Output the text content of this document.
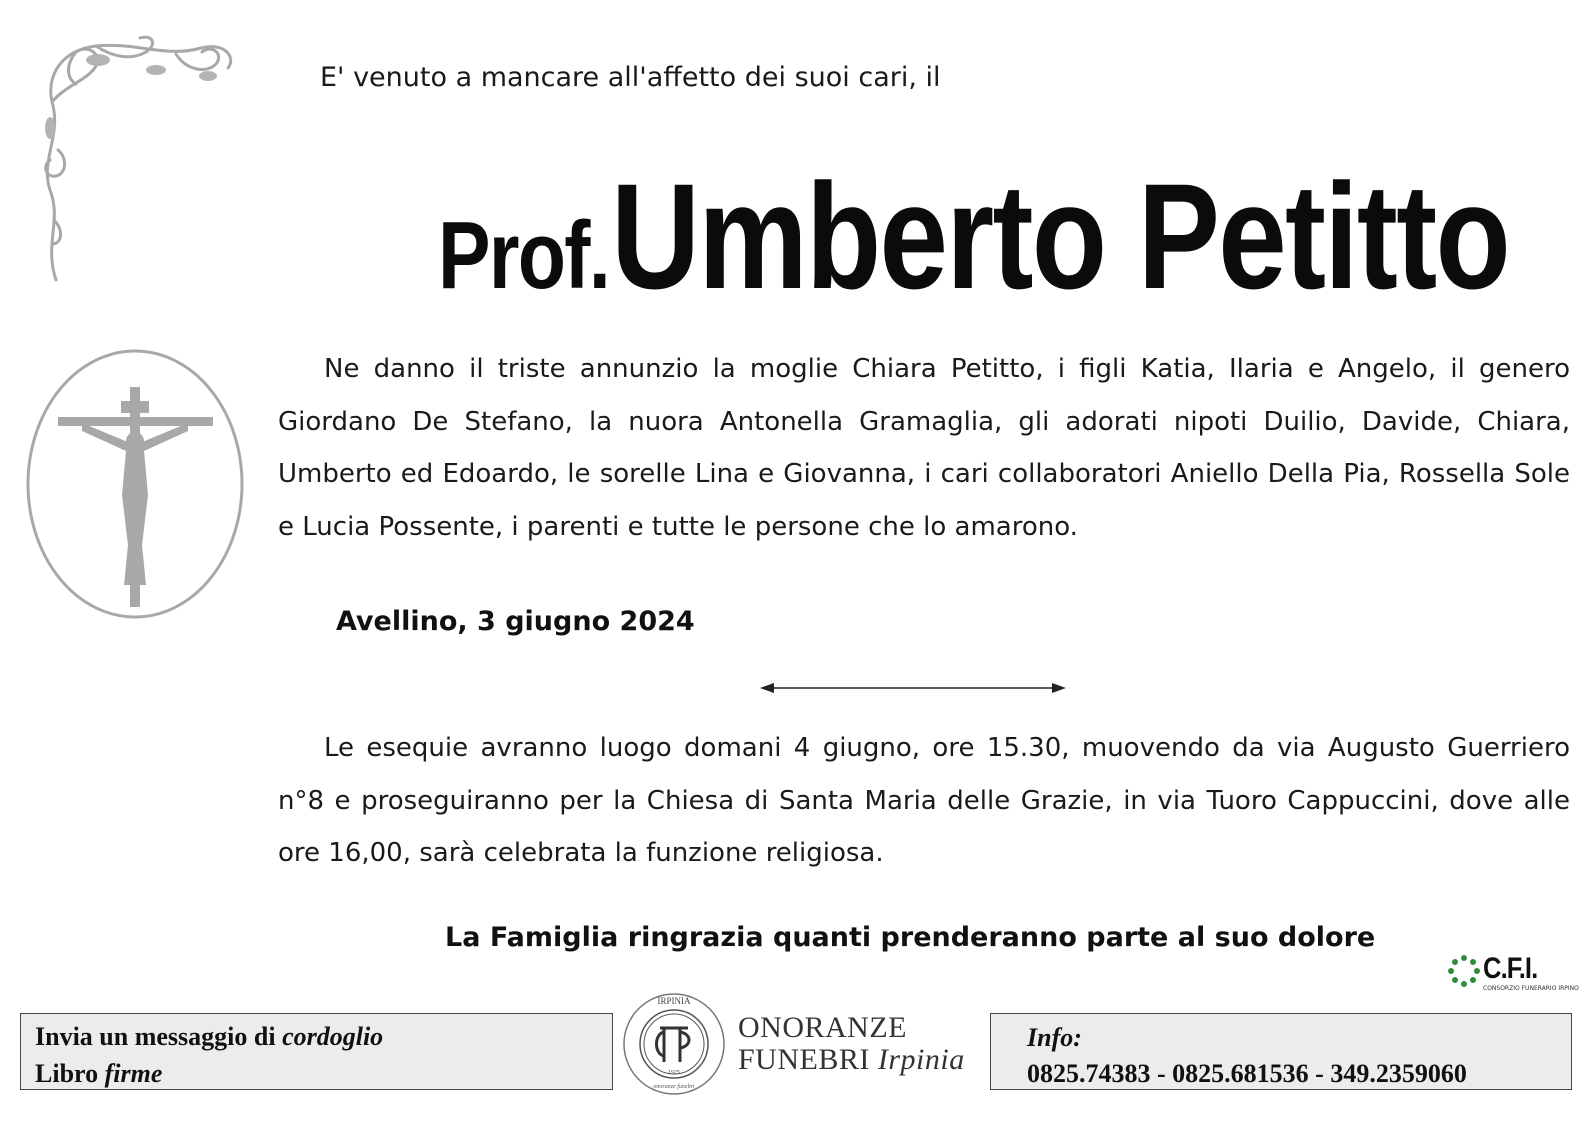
E' venuto a mancare all'affetto dei suoi cari, il
Prof. Umberto Petitto
Ne danno il triste annunzio la moglie Chiara Petitto, i figli Katia, Ilaria e Angelo, il genero Giordano De Stefano, la nuora Antonella Gramaglia, gli adorati nipoti Duilio, Davide, Chiara, Umberto ed Edoardo, le sorelle Lina e Giovanna, i cari collaboratori Aniello Della Pia, Rossella Sole e Lucia Possente, i parenti e tutte le persone che lo amarono.
Avellino, 3 giugno 2024
Le esequie avranno luogo domani 4 giugno, ore 15.30, muovendo da via Augusto Guerriero n°8 e proseguiranno per la Chiesa di Santa Maria delle Grazie, in via Tuoro Cappuccini, dove alle ore 16,00, sarà celebrata la funzione religiosa.
La Famiglia ringrazia quanti prenderanno parte al suo dolore
C.F.I.
CONSORZIO FUNERARIO IRPINO
Invia un messaggio di cordoglio
Libro firme
IRPINIA
1925
onoranze funebri
ONORANZE
FUNEBRI Irpinia
Info:
0825.74383 - 0825.681536 - 349.2359060
